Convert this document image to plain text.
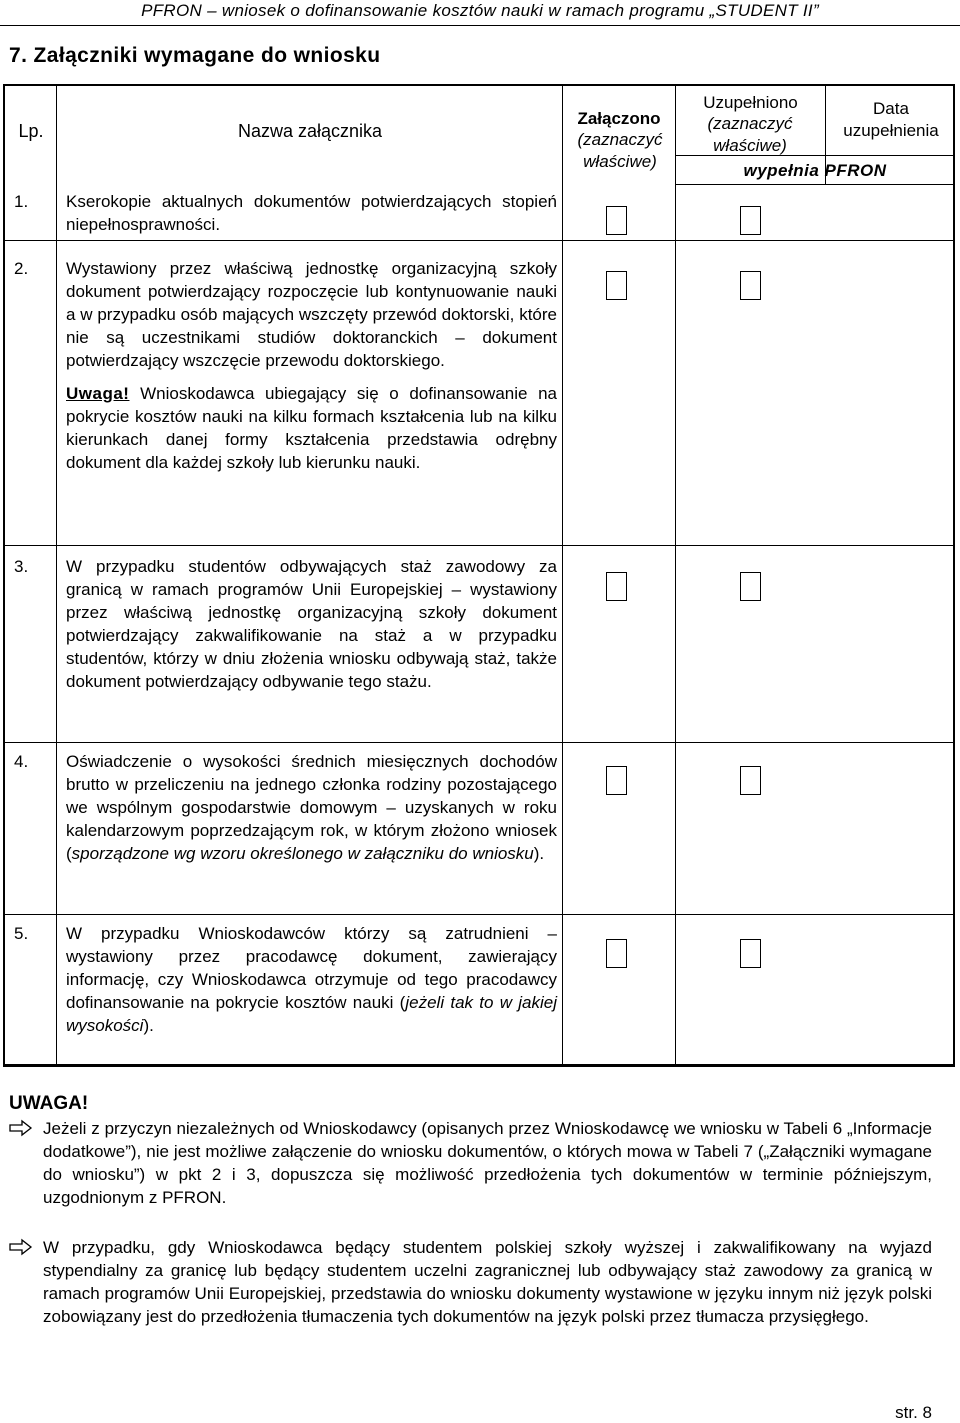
PFRON – wniosek o dofinansowanie kosztów nauki w ramach programu „STUDENT II”
7. Załączniki wymagane do wniosku
Lp.	Nazwa załącznika
Załączono
(zaznaczyć właściwe)
Uzupełniono
(zaznaczyć właściwe)
Data uzupełnienia
wypełnia PFRON
1.	Kserokopie aktualnych dokumentów potwierdzających stopień niepełnosprawności.
2.	Wystawiony przez właściwą jednostkę organizacyjną szkoły dokument potwierdzający rozpoczęcie lub kontynuowanie nauki a w przypadku osób mających wszczęty przewód doktorski, które nie są uczestnikami studiów doktoranckich – dokument potwierdzający wszczęcie przewodu doktorskiego.

Uwaga! Wnioskodawca ubiegający się o dofinansowanie na pokrycie kosztów nauki na kilku formach kształcenia lub na kilku kierunkach danej formy kształcenia przedstawia odrębny dokument dla każdej szkoły lub kierunku nauki.

3.	W przypadku studentów odbywających staż zawodowy za granicą w ramach programów Unii Europejskiej – wystawiony przez właściwą jednostkę organizacyjną szkoły dokument potwierdzający zakwalifikowanie na staż a w przypadku studentów, którzy w dniu złożenia wniosku odbywają staż, także dokument potwierdzający odbywanie tego stażu.
4.	Oświadczenie o wysokości średnich miesięcznych dochodów brutto w przeliczeniu na jednego członka rodziny pozostającego we wspólnym gospodarstwie domowym – uzyskanych w roku kalendarzowym poprzedzającym rok, w którym złożono wniosek (sporządzone wg wzoru określonego w załączniku do wniosku).
5.	W przypadku Wnioskodawców którzy są zatrudnieni – wystawiony przez pracodawcę dokument, zawierający informację, czy Wnioskodawca otrzymuje od tego pracodawcy dofinansowanie na pokrycie kosztów nauki (jeżeli tak to w jakiej wysokości).
UWAGA!
Jeżeli z przyczyn niezależnych od Wnioskodawcy (opisanych przez Wnioskodawcę we wniosku w Tabeli 6 „Informacje dodatkowe”), nie jest możliwe załączenie do wniosku dokumentów, o których mowa w Tabeli 7 („Załączniki wymagane do wniosku”) w pkt 2 i 3, dopuszcza się możliwość przedłożenia tych dokumentów w terminie późniejszym, uzgodnionym z PFRON.
W przypadku, gdy Wnioskodawca będący studentem polskiej szkoły wyższej i zakwalifikowany na wyjazd stypendialny za granicę lub będący studentem uczelni zagranicznej lub odbywający staż zawodowy za granicą w ramach programów Unii Europejskiej, przedstawia do wniosku dokumenty wystawione w języku innym niż język polski zobowiązany jest do przedłożenia tłumaczenia tych dokumentów na język polski przez tłumacza przysięgłego.
str. 8
